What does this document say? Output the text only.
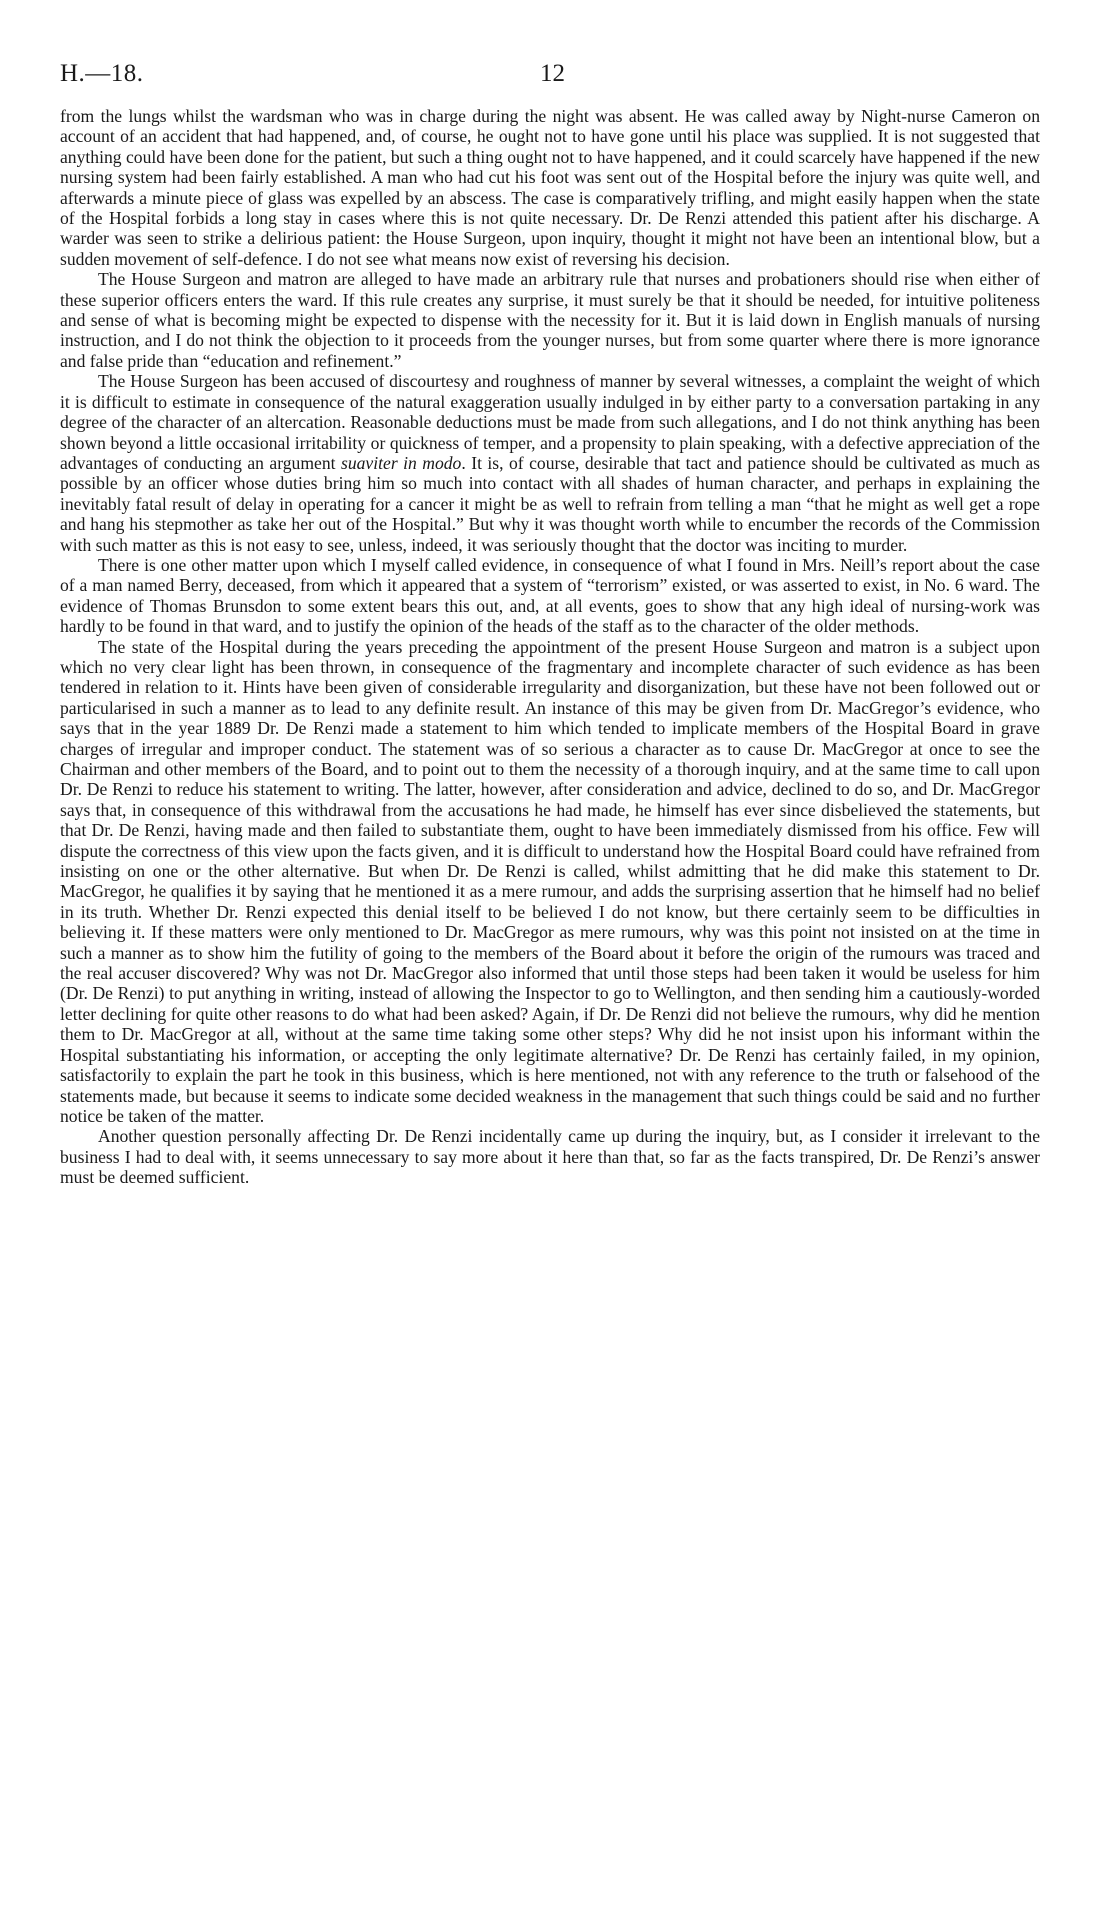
H.—18.	12

from the lungs whilst the wardsman who was in charge during the night was absent. He was called away by Night-nurse Cameron on account of an accident that had happened, and, of course, he ought not to have gone until his place was supplied. It is not suggested that anything could have been done for the patient, but such a thing ought not to have happened, and it could scarcely have happened if the new nursing system had been fairly established. A man who had cut his foot was sent out of the Hospital before the injury was quite well, and afterwards a minute piece of glass was expelled by an abscess. The case is comparatively trifling, and might easily happen when the state of the Hospital forbids a long stay in cases where this is not quite necessary. Dr. De Renzi attended this patient after his discharge. A warder was seen to strike a delirious patient: the House Surgeon, upon inquiry, thought it might not have been an intentional blow, but a sudden movement of self-defence. I do not see what means now exist of reversing his decision.

The House Surgeon and matron are alleged to have made an arbitrary rule that nurses and probationers should rise when either of these superior officers enters the ward. If this rule creates any surprise, it must surely be that it should be needed, for intuitive politeness and sense of what is becoming might be expected to dispense with the necessity for it. But it is laid down in English manuals of nursing instruction, and I do not think the objection to it proceeds from the younger nurses, but from some quarter where there is more ignorance and false pride than “education and refinement.”

The House Surgeon has been accused of discourtesy and roughness of manner by several witnesses, a complaint the weight of which it is difficult to estimate in consequence of the natural exaggeration usually indulged in by either party to a conversation partaking in any degree of the character of an altercation. Reasonable deductions must be made from such allegations, and I do not think anything has been shown beyond a little occasional irritability or quickness of temper, and a propensity to plain speaking, with a defective appreciation of the advantages of conducting an argument suaviter in modo. It is, of course, desirable that tact and patience should be cultivated as much as possible by an officer whose duties bring him so much into contact with all shades of human character, and perhaps in explaining the inevitably fatal result of delay in operating for a cancer it might be as well to refrain from telling a man “that he might as well get a rope and hang his stepmother as take her out of the Hospital.” But why it was thought worth while to encumber the records of the Commission with such matter as this is not easy to see, unless, indeed, it was seriously thought that the doctor was inciting to murder.

There is one other matter upon which I myself called evidence, in consequence of what I found in Mrs. Neill’s report about the case of a man named Berry, deceased, from which it appeared that a system of “terrorism” existed, or was asserted to exist, in No. 6 ward. The evidence of Thomas Brunsdon to some extent bears this out, and, at all events, goes to show that any high ideal of nursing-work was hardly to be found in that ward, and to justify the opinion of the heads of the staff as to the character of the older methods.

The state of the Hospital during the years preceding the appointment of the present House Surgeon and matron is a subject upon which no very clear light has been thrown, in consequence of the fragmentary and incomplete character of such evidence as has been tendered in relation to it. Hints have been given of considerable irregularity and disorganization, but these have not been followed out or particularised in such a manner as to lead to any definite result. An instance of this may be given from Dr. MacGregor’s evidence, who says that in the year 1889 Dr. De Renzi made a statement to him which tended to implicate members of the Hospital Board in grave charges of irregular and improper conduct. The statement was of so serious a character as to cause Dr. MacGregor at once to see the Chairman and other members of the Board, and to point out to them the necessity of a thorough inquiry, and at the same time to call upon Dr. De Renzi to reduce his statement to writing. The latter, however, after consideration and advice, declined to do so, and Dr. MacGregor says that, in consequence of this withdrawal from the accusations he had made, he himself has ever since disbelieved the statements, but that Dr. De Renzi, having made and then failed to substantiate them, ought to have been immediately dismissed from his office. Few will dispute the correctness of this view upon the facts given, and it is difficult to understand how the Hospital Board could have refrained from insisting on one or the other alternative. But when Dr. De Renzi is called, whilst admitting that he did make this statement to Dr. MacGregor, he qualifies it by saying that he mentioned it as a mere rumour, and adds the surprising assertion that he himself had no belief in its truth. Whether Dr. Renzi expected this denial itself to be believed I do not know, but there certainly seem to be difficulties in believing it. If these matters were only mentioned to Dr. MacGregor as mere rumours, why was this point not insisted on at the time in such a manner as to show him the futility of going to the members of the Board about it before the origin of the rumours was traced and the real accuser discovered? Why was not Dr. MacGregor also informed that until those steps had been taken it would be useless for him (Dr. De Renzi) to put anything in writing, instead of allowing the Inspector to go to Wellington, and then sending him a cautiously-worded letter declining for quite other reasons to do what had been asked? Again, if Dr. De Renzi did not believe the rumours, why did he mention them to Dr. MacGregor at all, without at the same time taking some other steps? Why did he not insist upon his informant within the Hospital substantiating his information, or accepting the only legitimate alternative? Dr. De Renzi has certainly failed, in my opinion, satisfactorily to explain the part he took in this business, which is here mentioned, not with any reference to the truth or falsehood of the statements made, but because it seems to indicate some decided weakness in the management that such things could be said and no further notice be taken of the matter.

Another question personally affecting Dr. De Renzi incidentally came up during the inquiry, but, as I consider it irrelevant to the business I had to deal with, it seems unnecessary to say more about it here than that, so far as the facts transpired, Dr. De Renzi’s answer must be deemed sufficient.
